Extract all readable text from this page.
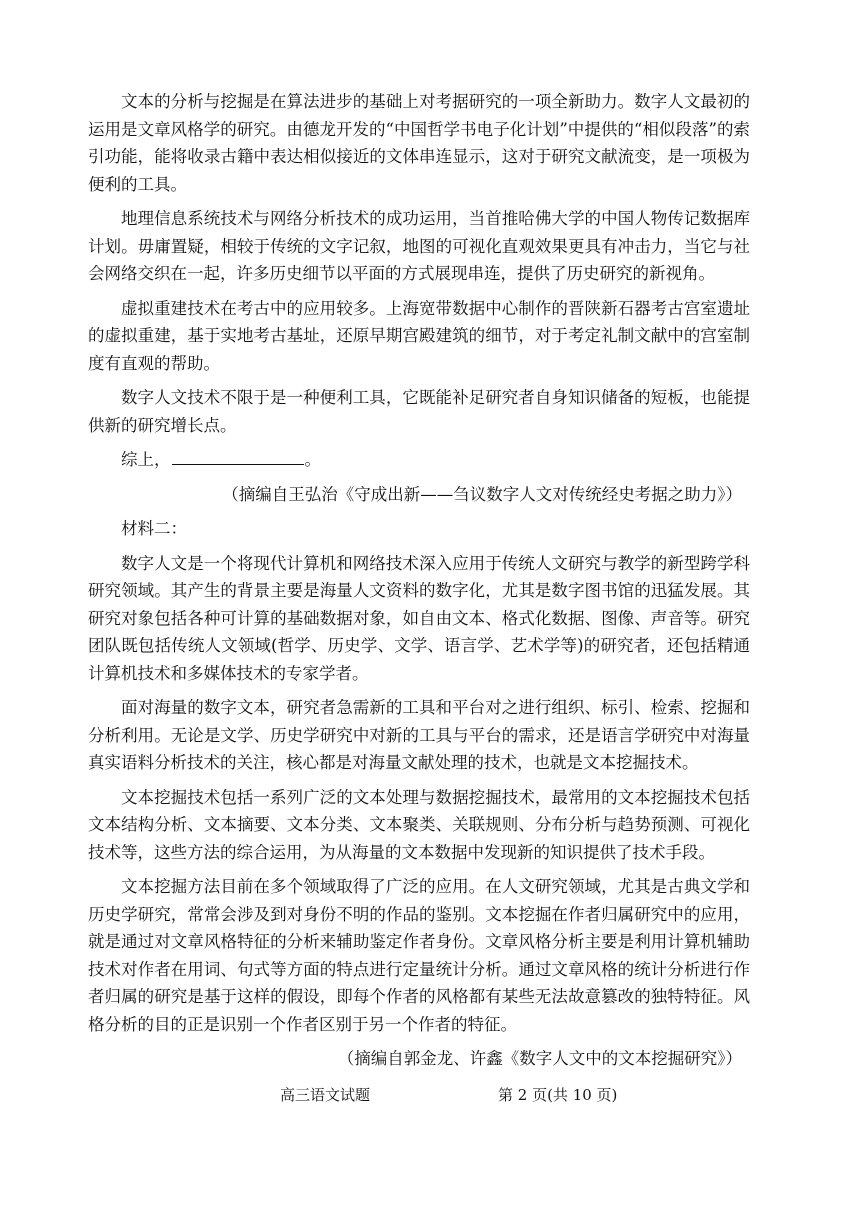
文本的分析与挖掘是在算法进步的基础上对考据研究的一项全新助力。数字人文最初的运用是文章风格学的研究。由德龙开发的“中国哲学书电子化计划”中提供的“相似段落”的索引功能，能将收录古籍中表达相似接近的文体串连显示，这对于研究文献流变，是一项极为便利的工具。

地理信息系统技术与网络分析技术的成功运用，当首推哈佛大学的中国人物传记数据库计划。毋庸置疑，相较于传统的文字记叙，地图的可视化直观效果更具有冲击力，当它与社会网络交织在一起，许多历史细节以平面的方式展现串连，提供了历史研究的新视角。

虚拟重建技术在考古中的应用较多。上海宽带数据中心制作的晋陕新石器考古宫室遗址的虚拟重建，基于实地考古基址，还原早期宫殿建筑的细节，对于考定礼制文献中的宫室制度有直观的帮助。

数字人文技术不限于是一种便利工具，它既能补足研究者自身知识储备的短板，也能提供新的研究增长点。

综上，	。

（摘编自王弘治《守成出新——刍议数字人文对传统经史考据之助力》）

材料二：

数字人文是一个将现代计算机和网络技术深入应用于传统人文研究与教学的新型跨学科研究领域。其产生的背景主要是海量人文资料的数字化，尤其是数字图书馆的迅猛发展。其研究对象包括各种可计算的基础数据对象，如自由文本、格式化数据、图像、声音等。研究团队既包括传统人文领域(哲学、历史学、文学、语言学、艺术学等)的研究者，还包括精通计算机技术和多媒体技术的专家学者。

面对海量的数字文本，研究者急需新的工具和平台对之进行组织、标引、检索、挖掘和分析利用。无论是文学、历史学研究中对新的工具与平台的需求，还是语言学研究中对海量真实语料分析技术的关注，核心都是对海量文献处理的技术，也就是文本挖掘技术。

文本挖掘技术包括一系列广泛的文本处理与数据挖掘技术，最常用的文本挖掘技术包括文本结构分析、文本摘要、文本分类、文本聚类、关联规则、分布分析与趋势预测、可视化技术等，这些方法的综合运用，为从海量的文本数据中发现新的知识提供了技术手段。

文本挖掘方法目前在多个领域取得了广泛的应用。在人文研究领域，尤其是古典文学和历史学研究，常常会涉及到对身份不明的作品的鉴别。文本挖掘在作者归属研究中的应用，就是通过对文章风格特征的分析来辅助鉴定作者身份。文章风格分析主要是利用计算机辅助技术对作者在用词、句式等方面的特点进行定量统计分析。通过文章风格的统计分析进行作者归属的研究是基于这样的假设，即每个作者的风格都有某些无法故意篡改的独特特征。风格分析的目的正是识别一个作者区别于另一个作者的特征。

（摘编自郭金龙、许鑫《数字人文中的文本挖掘研究》）

高三语文试题	第 2 页(共 10 页)
